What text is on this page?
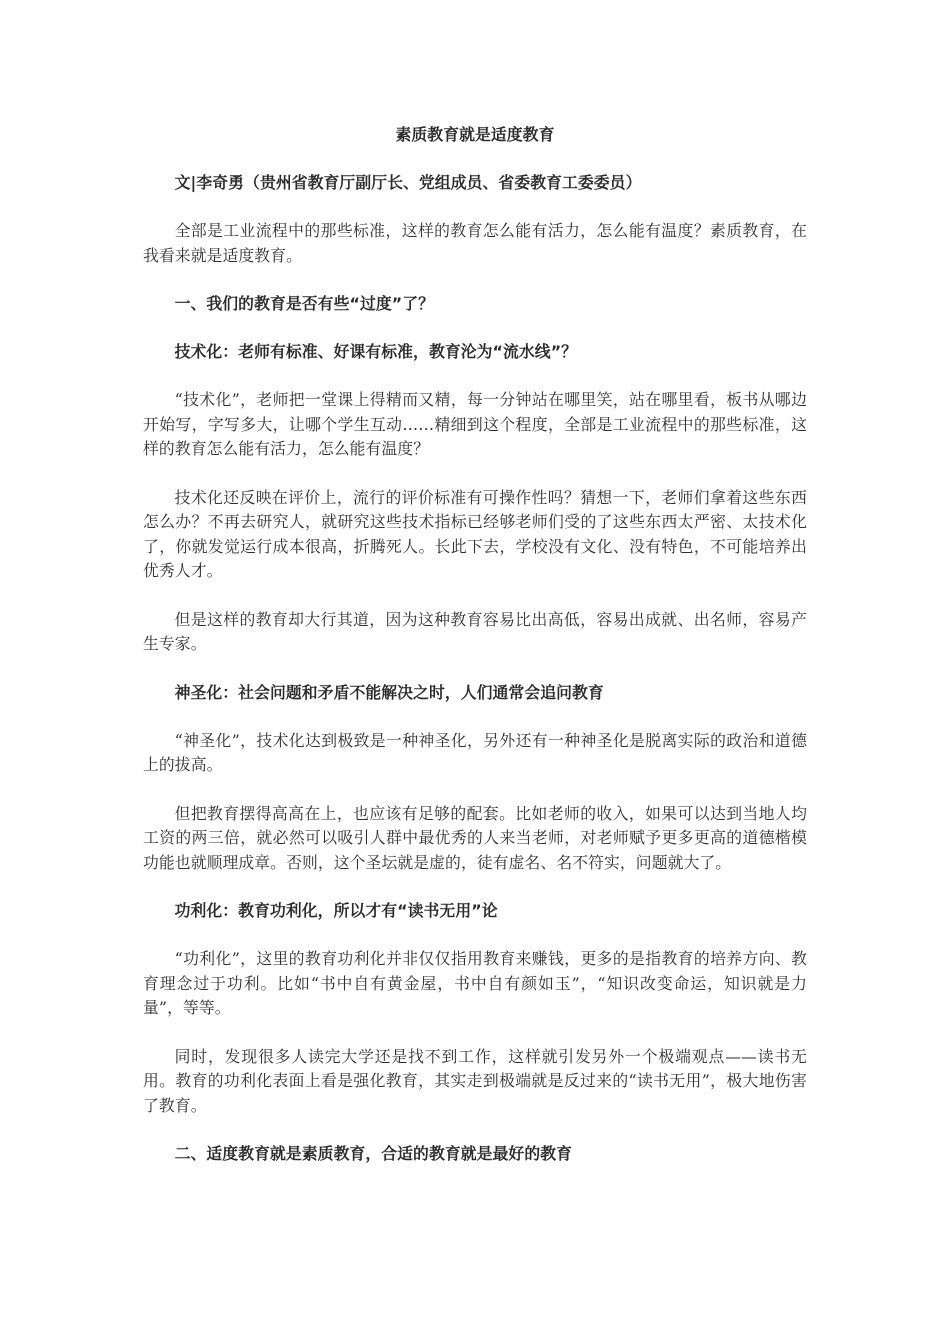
素质教育就是适度教育
文|李奇勇（贵州省教育厅副厅长、党组成员、省委教育工委委员）
全部是工业流程中的那些标准，这样的教育怎么能有活力，怎么能有温度？素质教育，在我看来就是适度教育。
一、我们的教育是否有些“过度”了？
技术化：老师有标准、好课有标准，教育沦为“流水线”？
“技术化”，老师把一堂课上得精而又精，每一分钟站在哪里笑，站在哪里看，板书从哪边开始写，字写多大，让哪个学生互动……精细到这个程度，全部是工业流程中的那些标准，这样的教育怎么能有活力，怎么能有温度？
技术化还反映在评价上，流行的评价标准有可操作性吗？猜想一下，老师们拿着这些东西怎么办？不再去研究人，就研究这些技术指标已经够老师们受的了这些东西太严密、太技术化了，你就发觉运行成本很高，折腾死人。长此下去，学校没有文化、没有特色，不可能培养出优秀人才。
但是这样的教育却大行其道，因为这种教育容易比出高低，容易出成就、出名师，容易产生专家。
神圣化：社会问题和矛盾不能解决之时，人们通常会追问教育
“神圣化”，技术化达到极致是一种神圣化，另外还有一种神圣化是脱离实际的政治和道德上的拔高。
但把教育摆得高高在上，也应该有足够的配套。比如老师的收入，如果可以达到当地人均工资的两三倍，就必然可以吸引人群中最优秀的人来当老师，对老师赋予更多更高的道德楷模功能也就顺理成章。否则，这个圣坛就是虚的，徒有虚名、名不符实，问题就大了。
功利化：教育功利化，所以才有“读书无用”论
“功利化”，这里的教育功利化并非仅仅指用教育来赚钱，更多的是指教育的培养方向、教育理念过于功利。比如“书中自有黄金屋，书中自有颜如玉”，“知识改变命运，知识就是力量”，等等。
同时，发现很多人读完大学还是找不到工作，这样就引发另外一个极端观点——读书无用。教育的功利化表面上看是强化教育，其实走到极端就是反过来的“读书无用”，极大地伤害了教育。
二、适度教育就是素质教育，合适的教育就是最好的教育
